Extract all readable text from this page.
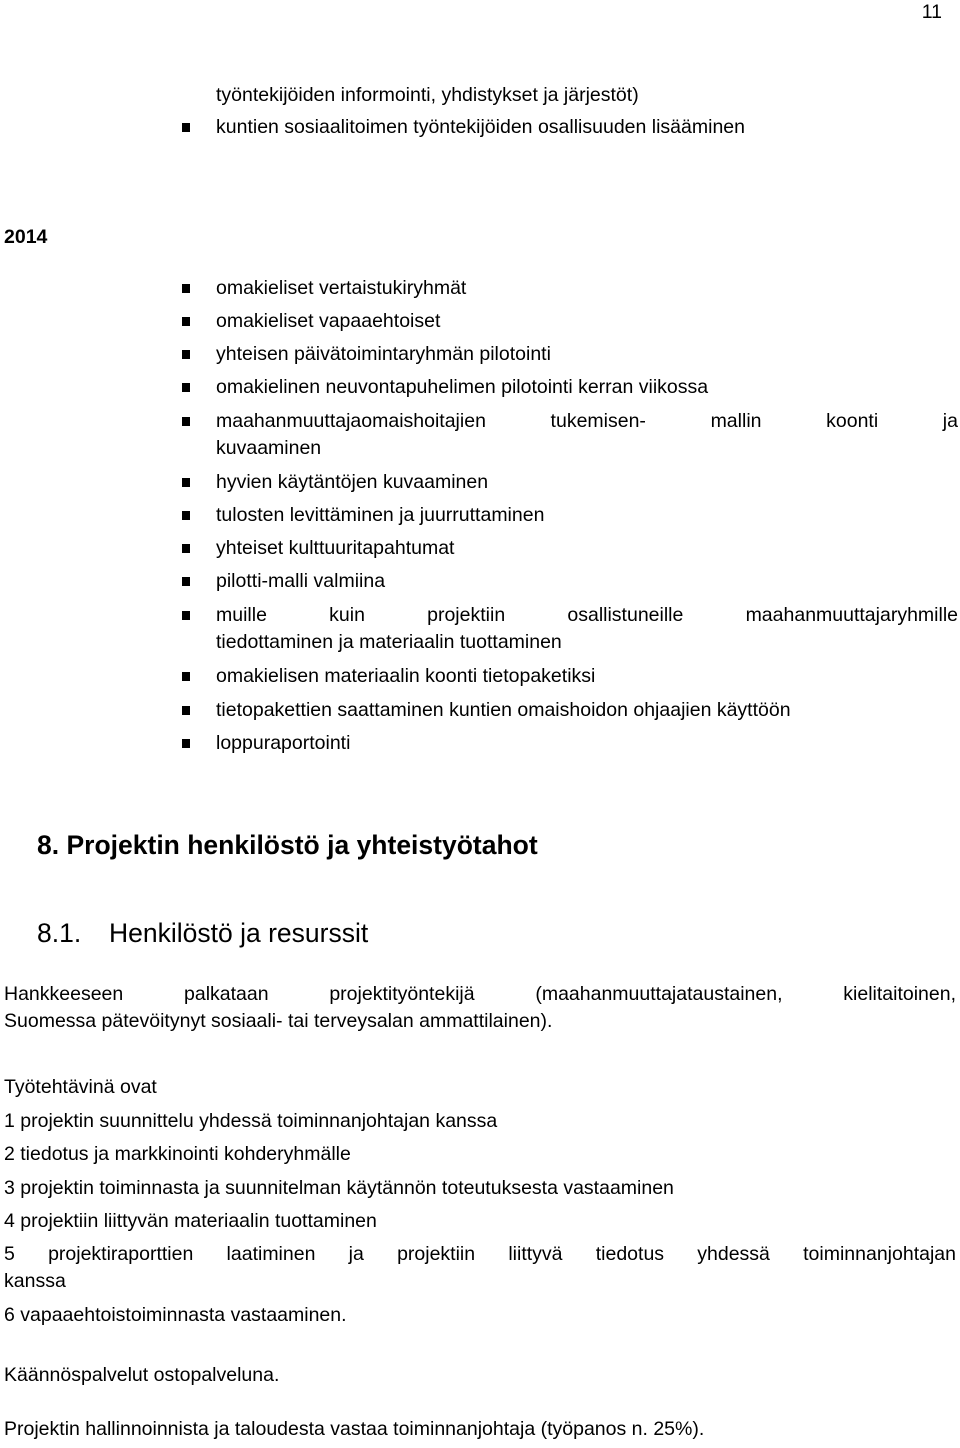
11
työntekijöiden informointi, yhdistykset ja järjestöt)
kuntien sosiaalitoimen työntekijöiden osallisuuden lisääminen
2014
omakieliset vertaistukiryhmät
omakieliset vapaaehtoiset
yhteisen päivätoimintaryhmän pilotointi
omakielinen neuvontapuhelimen pilotointi kerran viikossa
maahanmuuttajaomaishoitajien tukemisen- mallin koonti ja
kuvaaminen
hyvien käytäntöjen kuvaaminen
tulosten levittäminen ja juurruttaminen
yhteiset kulttuuritapahtumat
pilotti-malli valmiina
muille kuin projektiin osallistuneille maahanmuuttajaryhmille
tiedottaminen ja materiaalin tuottaminen
omakielisen materiaalin koonti tietopaketiksi
tietopakettien saattaminen kuntien omaishoidon ohjaajien käyttöön
loppuraportointi
8. Projektin henkilöstö ja yhteistyötahot
8.1. Henkilöstö ja resurssit
Hankkeeseen palkataan projektityöntekijä (maahanmuuttajataustainen, kielitaitoinen,
Suomessa pätevöitynyt sosiaali- tai terveysalan ammattilainen).
Työtehtävinä ovat
1 projektin suunnittelu yhdessä toiminnanjohtajan kanssa
2 tiedotus ja markkinointi kohderyhmälle
3 projektin toiminnasta ja suunnitelman käytännön toteutuksesta vastaaminen
4 projektiin liittyvän materiaalin tuottaminen
5 projektiraporttien laatiminen ja projektiin liittyvä tiedotus yhdessä toiminnanjohtajan
kanssa
6 vapaaehtoistoiminnasta vastaaminen.
Käännöspalvelut ostopalveluna.
Projektin hallinnoinnista ja taloudesta vastaa toiminnanjohtaja (työpanos n. 25%).
